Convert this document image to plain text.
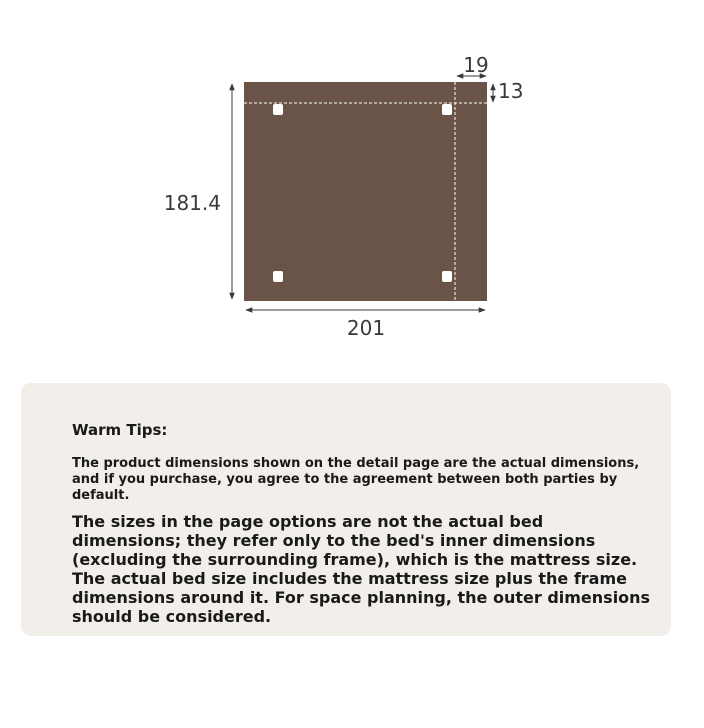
181.4
201
19
13
Warm Tips:

The product dimensions shown on the detail page are the actual dimensions, and if you purchase, you agree to the agreement between both parties by default.

The sizes in the page options are not the actual bed dimensions; they refer only to the bed's inner dimensions (excluding the surrounding frame), which is the mattress size. The actual bed size includes the mattress size plus the frame dimensions around it. For space planning, the outer dimensions should be considered.
